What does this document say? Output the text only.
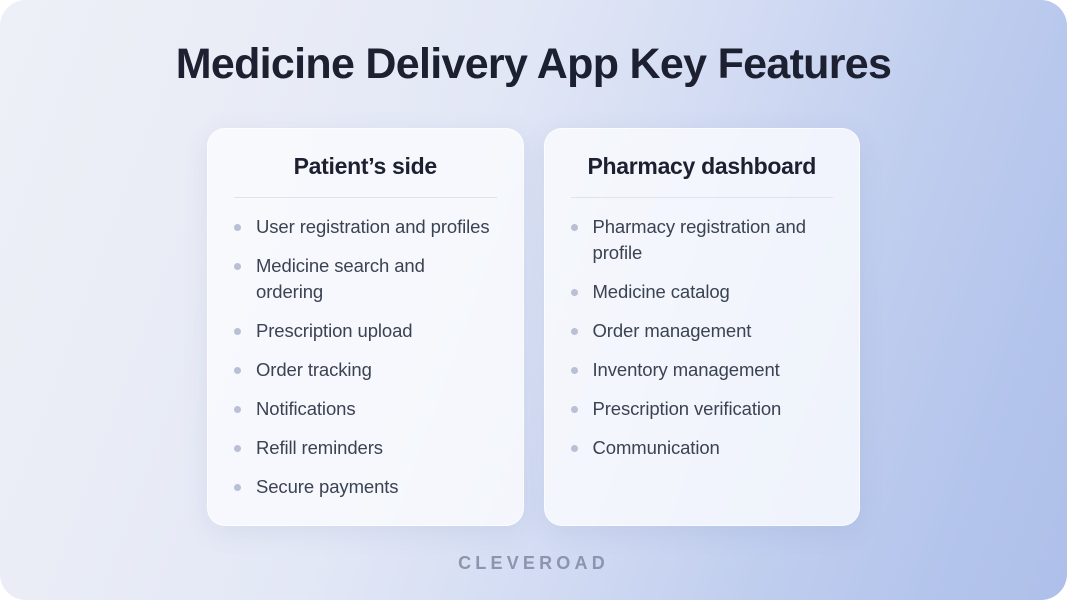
Medicine Delivery App Key Features
Patient’s side
User registration and profiles
Medicine search and ordering
Prescription upload
Order tracking
Notifications
Refill reminders
Secure payments
Pharmacy dashboard
Pharmacy registration and profile
Medicine catalog
Order management
Inventory management
Prescription verification
Communication
CLEVEROAD
